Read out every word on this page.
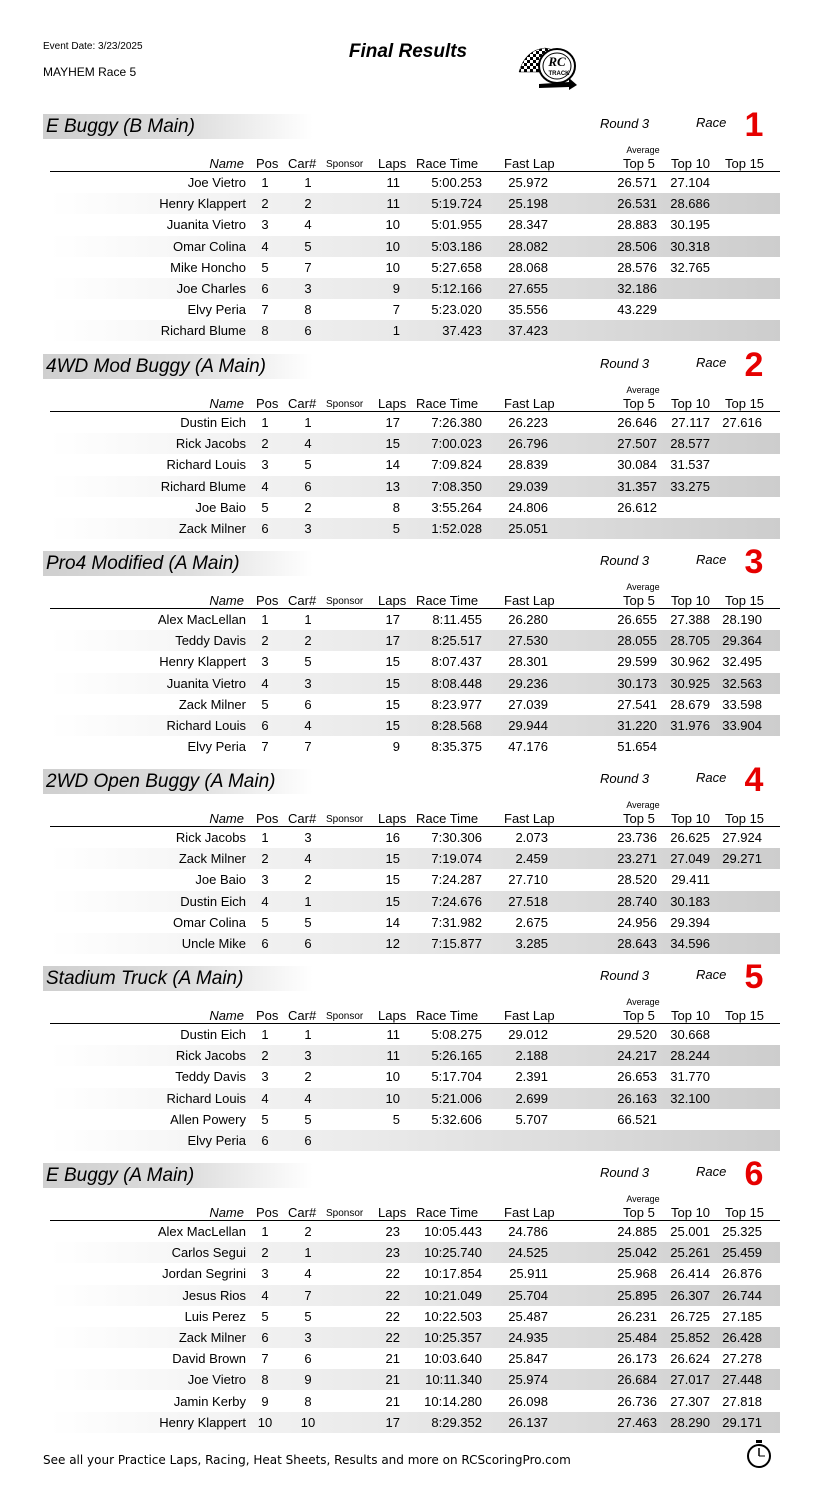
Event Date: 3/23/2025
MAYHEM Race 5
Final Results	RC
TRACK
E Buggy (B Main)	Round 3	Race 1
Average
Name Pos Car# Sponsor Laps Race Time Fast Lap	Top 5 Top 10 Top 15
Joe Vietro	1	1	11	5:00.253	25.972	26.571 27.104
Henry Klappert	2	2	11	5:19.724	25.198	26.531 28.686
Juanita Vietro	3	4	10	5:01.955	28.347	28.883 30.195
Omar Colina	4	5	10	5:03.186	28.082	28.506 30.318
Mike Honcho	5	7	10	5:27.658	28.068	28.576 32.765
Joe Charles	6	3	9	5:12.166	27.655	32.186
Elvy Peria	7	8	7	5:23.020	35.556	43.229
Richard Blume	8	6	1	37.423	37.423
4WD Mod Buggy (A Main)	Round 3	Race 2
Average
Name Pos Car# Sponsor Laps Race Time Fast Lap	Top 5 Top 10 Top 15
Dustin Eich	1	1	17	7:26.380	26.223	26.646 27.117 27.616
Rick Jacobs	2	4	15	7:00.023	26.796	27.507 28.577
Richard Louis	3	5	14	7:09.824	28.839	30.084 31.537
Richard Blume	4	6	13	7:08.350	29.039	31.357 33.275
Joe Baio	5	2	8	3:55.264	24.806	26.612
Zack Milner	6	3	5	1:52.028	25.051
Pro4 Modified (A Main)	Round 3	Race 3
Average
Name Pos Car# Sponsor Laps Race Time Fast Lap	Top 5 Top 10 Top 15
Alex MacLellan	1	1	17	8:11.455	26.280	26.655 27.388 28.190
Teddy Davis	2	2	17	8:25.517	27.530	28.055 28.705 29.364
Henry Klappert	3	5	15	8:07.437	28.301	29.599 30.962 32.495
Juanita Vietro	4	3	15	8:08.448	29.236	30.173 30.925 32.563
Zack Milner	5	6	15	8:23.977	27.039	27.541 28.679 33.598
Richard Louis	6	4	15	8:28.568	29.944	31.220 31.976 33.904
Elvy Peria	7	7	9	8:35.375	47.176	51.654
2WD Open Buggy (A Main)	Round 3	Race 4
Average
Name Pos Car# Sponsor Laps Race Time Fast Lap	Top 5 Top 10 Top 15
Rick Jacobs	1	3	16	7:30.306	2.073	23.736 26.625 27.924
Zack Milner	2	4	15	7:19.074	2.459	23.271 27.049 29.271
Joe Baio	3	2	15	7:24.287	27.710	28.520 29.411
Dustin Eich	4	1	15	7:24.676	27.518	28.740 30.183
Omar Colina	5	5	14	7:31.982	2.675	24.956 29.394
Uncle Mike	6	6	12	7:15.877	3.285	28.643 34.596
Stadium Truck (A Main)	Round 3	Race 5
Average
Name Pos Car# Sponsor Laps Race Time Fast Lap	Top 5 Top 10 Top 15
Dustin Eich	1	1	11	5:08.275	29.012	29.520 30.668
Rick Jacobs	2	3	11	5:26.165	2.188	24.217 28.244
Teddy Davis	3	2	10	5:17.704	2.391	26.653 31.770
Richard Louis	4	4	10	5:21.006	2.699	26.163 32.100
Allen Powery	5	5	5	5:32.606	5.707	66.521
Elvy Peria	6	6
E Buggy (A Main)	Round 3	Race 6
Average
Name Pos Car# Sponsor Laps Race Time Fast Lap	Top 5 Top 10 Top 15
Alex MacLellan	1	2	23	10:05.443	24.786	24.885 25.001 25.325
Carlos Segui	2	1	23	10:25.740	24.525	25.042 25.261 25.459
Jordan Segrini	3	4	22	10:17.854	25.911	25.968 26.414 26.876
Jesus Rios	4	7	22	10:21.049	25.704	25.895 26.307 26.744
Luis Perez	5	5	22	10:22.503	25.487	26.231 26.725 27.185
Zack Milner	6	3	22	10:25.357	24.935	25.484 25.852 26.428
David Brown	7	6	21	10:03.640	25.847	26.173 26.624 27.278
Joe Vietro	8	9	21	10:11.340	25.974	26.684 27.017 27.448
Jamin Kerby	9	8	21	10:14.280	26.098	26.736 27.307 27.818
Henry Klappert 10 10	17	8:29.352	26.137	27.463 28.290 29.171
See all your Practice Laps, Racing, Heat Sheets, Results and more on RCScoringPro.com
